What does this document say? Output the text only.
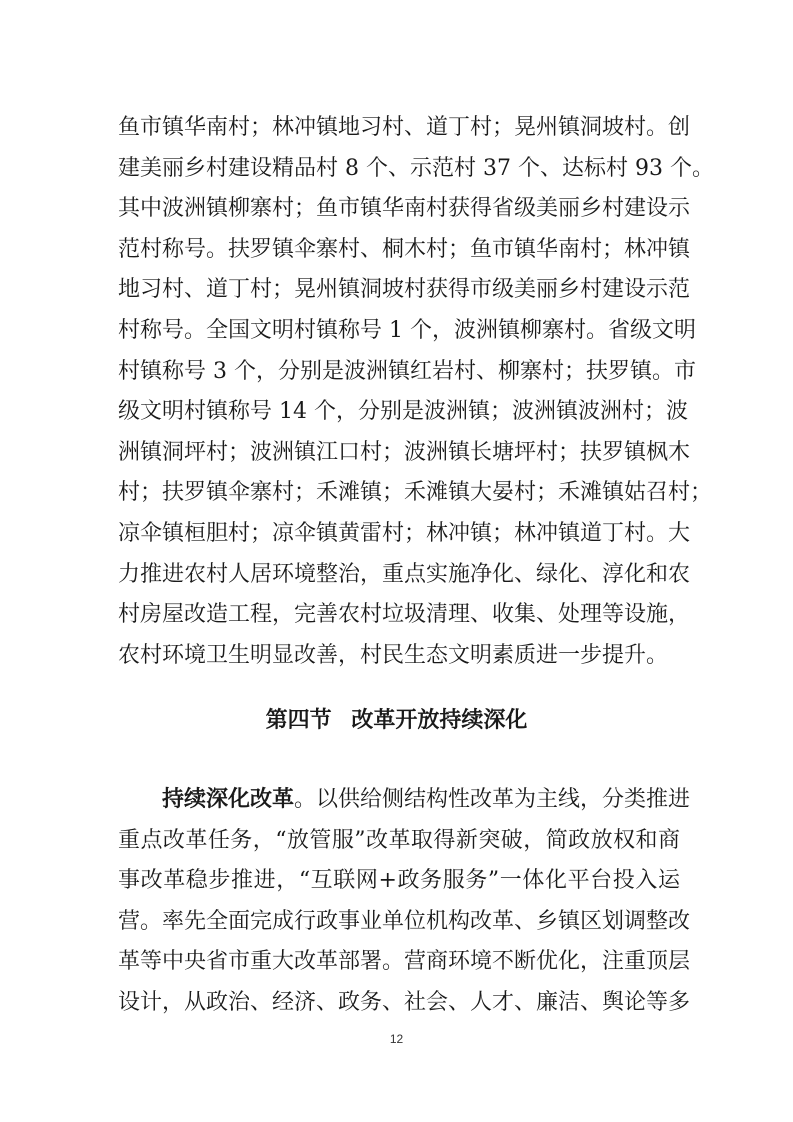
鱼市镇华南村；林冲镇地习村、道丁村；晃州镇洞坡村。创
建美丽乡村建设精品村 8 个、示范村 37 个、达标村 93 个。
其中波洲镇柳寨村；鱼市镇华南村获得省级美丽乡村建设示
范村称号。扶罗镇伞寨村、桐木村；鱼市镇华南村；林冲镇
地习村、道丁村；晃州镇洞坡村获得市级美丽乡村建设示范
村称号。全国文明村镇称号 1 个，波洲镇柳寨村。省级文明
村镇称号 3 个，分别是波洲镇红岩村、柳寨村；扶罗镇。市
级文明村镇称号 14 个，分别是波洲镇；波洲镇波洲村；波
洲镇洞坪村；波洲镇江口村；波洲镇长塘坪村；扶罗镇枫木
村；扶罗镇伞寨村；禾滩镇；禾滩镇大晏村；禾滩镇姑召村；
凉伞镇桓胆村；凉伞镇黄雷村；林冲镇；林冲镇道丁村。大
力推进农村人居环境整治，重点实施净化、绿化、淳化和农
村房屋改造工程，完善农村垃圾清理、收集、处理等设施，
农村环境卫生明显改善，村民生态文明素质进一步提升。
第四节 改革开放持续深化
持续深化改革。以供给侧结构性改革为主线，分类推进
重点改革任务，“放管服”改革取得新突破，简政放权和商
事改革稳步推进，“互联网+政务服务”一体化平台投入运
营。率先全面完成行政事业单位机构改革、乡镇区划调整改
革等中央省市重大改革部署。营商环境不断优化，注重顶层
设计，从政治、经济、政务、社会、人才、廉洁、舆论等多
12
